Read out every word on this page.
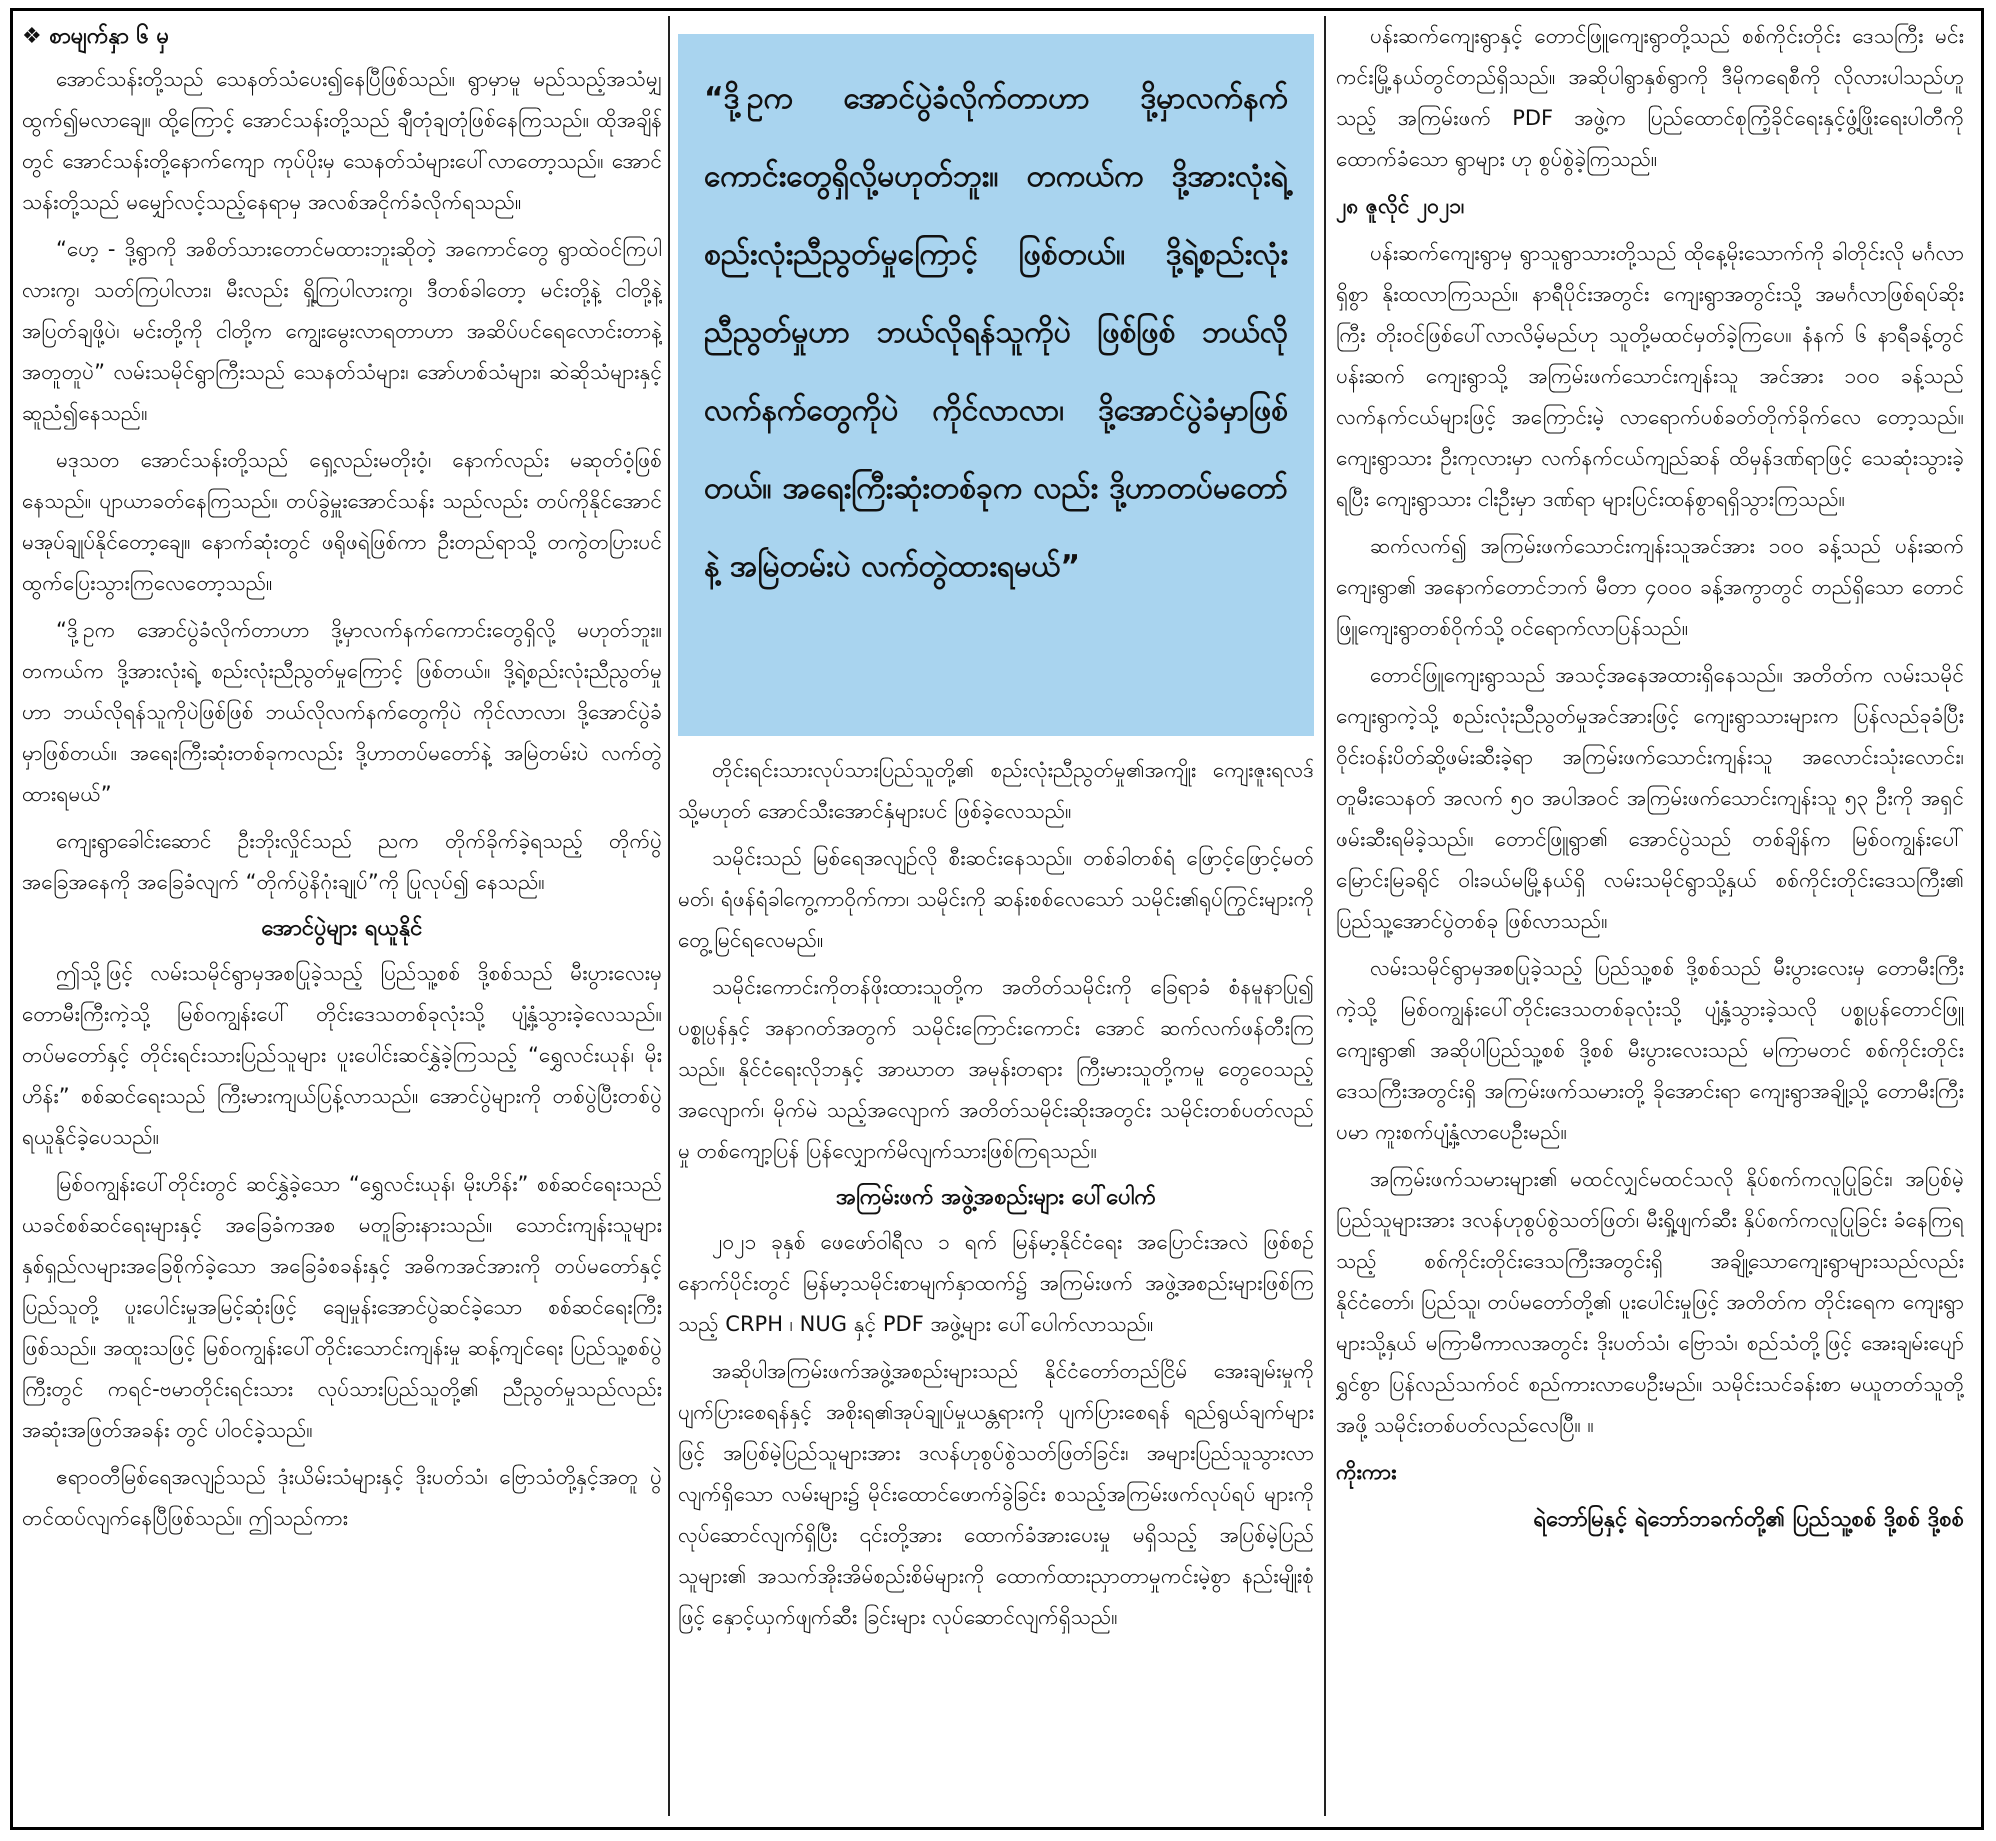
❖ စာမျက်နှာ ၆ မှ

အောင်သန်းတို့သည် သေနတ်သံပေး၍နေပြီဖြစ်သည်။ ရွာမှာမူ မည်သည့်အသံမျှ ထွက်၍မလာချေ။ ထို့ကြောင့် အောင်သန်းတို့သည် ချီတုံချတုံဖြစ်နေကြသည်။ ထိုအချိန်တွင် အောင်သန်းတို့နောက်ကျော ကုပ်ပိုးမှ သေနတ်သံများပေါ်လာတော့သည်။ အောင်သန်းတို့သည် မမျှော်လင့်သည့်နေရာမှ အလစ်အငိုက်ခံလိုက်ရသည်။

“ဟေ့ - ဒို့ရွာကို အစိတ်သားတောင်မထားဘူးဆိုတဲ့ အကောင်တွေ ရွာထဲဝင်ကြပါလားကွ၊ သတ်ကြပါလား၊ မီးလည်း ရှို့ကြပါလားကွ၊ ဒီတစ်ခါတော့ မင်းတို့နဲ့ ငါတို့နဲ့ အပြတ်ချဖို့ပဲ၊ မင်းတို့ကို ငါတို့က ကျွေးမွေးလာရတာဟာ အဆိပ်ပင်ရေလောင်းတာနဲ့ အတူတူပဲ” လမ်းသမိုင်ရွာကြီးသည် သေနတ်သံများ၊ အော်ဟစ်သံများ၊ ဆဲဆိုသံများနှင့် ဆူညံ၍နေသည်။

မဒုသတ အောင်သန်းတို့သည် ရှေ့လည်းမတိုးဝံ့၊ နောက်လည်း မဆုတ်ဝံ့ဖြစ်နေသည်။ ပျာယာခတ်နေကြသည်။ တပ်ခွဲမှူးအောင်သန်း သည်လည်း တပ်ကိုနိုင်အောင် မအုပ်ချုပ်နိုင်တော့ချေ။ နောက်ဆုံးတွင် ဖရိုဖရဲဖြစ်ကာ ဦးတည်ရာသို့ တကွဲတပြားပင် ထွက်ပြေးသွားကြလေတော့သည်။

“ဒို့ဥက အောင်ပွဲခံလိုက်တာဟာ ဒို့မှာလက်နက်ကောင်းတွေရှိလို့ မဟုတ်ဘူး။ တကယ်က ဒို့အားလုံးရဲ့ စည်းလုံးညီညွတ်မှုကြောင့် ဖြစ်တယ်။ ဒို့ရဲ့စည်းလုံးညီညွတ်မှုဟာ ဘယ်လိုရန်သူကိုပဲဖြစ်ဖြစ် ဘယ်လိုလက်နက်တွေကိုပဲ ကိုင်လာလာ၊ ဒို့အောင်ပွဲခံမှာဖြစ်တယ်။ အရေးကြီးဆုံးတစ်ခုကလည်း ဒို့ဟာတပ်မတော်နဲ့ အမြဲတမ်းပဲ လက်တွဲထားရမယ်”

ကျေးရွာခေါင်းဆောင် ဦးဘိုးလှိုင်သည် ညက တိုက်ခိုက်ခဲ့ရသည့် တိုက်ပွဲအခြေအနေကို အခြေခံလျက် “တိုက်ပွဲနိဂုံးချုပ်”ကို ပြုလုပ်၍ နေသည်။

အောင်ပွဲများ ရယူနိုင်

ဤသို့ဖြင့် လမ်းသမိုင်ရွာမှအစပြုခဲ့သည့် ပြည်သူ့စစ် ဒို့စစ်သည် မီးပွားလေးမှ တောမီးကြီးကဲ့သို့ မြစ်ဝကျွန်းပေါ် တိုင်းဒေသတစ်ခုလုံးသို့ ပျံ့နှံ့သွားခဲ့လေသည်။ တပ်မတော်နှင့် တိုင်းရင်းသားပြည်သူများ ပူးပေါင်းဆင်နွှဲခဲ့ကြသည့် “ရွှေလင်းယုန်၊ မိုးဟိန်း” စစ်ဆင်ရေးသည် ကြီးမားကျယ်ပြန့်လာသည်။ အောင်ပွဲများကို တစ်ပွဲပြီးတစ်ပွဲ ရယူနိုင်ခဲ့ပေသည်။

မြစ်ဝကျွန်းပေါ်တိုင်းတွင် ဆင်နွှဲခဲ့သော “ရွှေလင်းယုန်၊ မိုးဟိန်း” စစ်ဆင်ရေးသည် ယခင်စစ်ဆင်ရေးများနှင့် အခြေခံကအစ မတူခြားနားသည်။ သောင်းကျန်းသူများ နှစ်ရှည်လများအခြေစိုက်ခဲ့သော အခြေခံစခန်းနှင့် အဓိကအင်အားကို တပ်မတော်နှင့် ပြည်သူတို့ ပူးပေါင်းမှုအမြင့်ဆုံးဖြင့် ချေမှုန်းအောင်ပွဲဆင်ခဲ့သော စစ်ဆင်ရေးကြီး ဖြစ်သည်။ အထူးသဖြင့် မြစ်ဝကျွန်းပေါ်တိုင်းသောင်းကျန်းမှု ဆန့်ကျင်ရေး ပြည်သူ့စစ်ပွဲကြီးတွင် ကရင်-ဗမာတိုင်းရင်းသား လုပ်သားပြည်သူတို့၏ ညီညွတ်မှုသည်လည်း အဆုံးအဖြတ်အခန်း တွင် ပါဝင်ခဲ့သည်။

ဧရာဝတီမြစ်ရေအလျဉ်သည် ဒုံးယိမ်းသံများနှင့် ဒိုးပတ်သံ၊ ဗြောသံတို့နှင့်အတူ ပွဲတင်ထပ်လျက်နေပြီဖြစ်သည်။ ဤသည်ကား

“ဒို့ဥက အောင်ပွဲခံလိုက်တာဟာ ဒို့မှာလက်နက်ကောင်းတွေရှိလို့မဟုတ်ဘူး။ တကယ်က ဒို့အားလုံးရဲ့ စည်းလုံးညီညွတ်မှုကြောင့် ဖြစ်တယ်။ ဒို့ရဲ့စည်းလုံးညီညွတ်မှုဟာ ဘယ်လိုရန်သူကိုပဲ ဖြစ်ဖြစ် ဘယ်လိုလက်နက်တွေကိုပဲ ကိုင်လာလာ၊ ဒို့အောင်ပွဲခံမှာဖြစ်တယ်။ အရေးကြီးဆုံးတစ်ခုက လည်း ဒို့ဟာတပ်မတော်နဲ့ အမြဲတမ်းပဲ လက်တွဲထားရမယ်”

တိုင်းရင်းသားလုပ်သားပြည်သူတို့၏ စည်းလုံးညီညွတ်မှု၏အကျိုး ကျေးဇူးရလဒ် သို့မဟုတ် အောင်သီးအောင်နှံများပင် ဖြစ်ခဲ့လေသည်။

သမိုင်းသည် မြစ်ရေအလျဉ်လို စီးဆင်းနေသည်။ တစ်ခါတစ်ရံ ဖြောင့်ဖြောင့်မတ်မတ်၊ ရံဖန်ရံခါကွေ့ကာဝိုက်ကာ၊ သမိုင်းကို ဆန်းစစ်လေသော် သမိုင်း၏ရုပ်ကြွင်းများကို တွေ့မြင်ရလေမည်။

သမိုင်းကောင်းကိုတန်ဖိုးထားသူတို့က အတိတ်သမိုင်းကို ခြေရာခံ စံနမူနာပြု၍ ပစ္စုပ္ပန်နှင့် အနာဂတ်အတွက် သမိုင်းကြောင်းကောင်း အောင် ဆက်လက်ဖန်တီးကြသည်။ နိုင်ငံရေးလိုဘနှင့် အာဃာတ အမုန်းတရား ကြီးမားသူတို့ကမူ တွေဝေသည့်အလျောက်၊ မိုက်မဲ သည့်အလျောက် အတိတ်သမိုင်းဆိုးအတွင်း သမိုင်းတစ်ပတ်လည်မှု တစ်ကျော့ပြန် ပြန်လျှောက်မိလျက်သားဖြစ်ကြရသည်။

အကြမ်းဖက် အဖွဲ့အစည်းများ ပေါ်ပေါက်

၂၀၂၁ ခုနှစ် ဖေဖော်ဝါရီလ ၁ ရက် မြန်မာ့နိုင်ငံရေး အပြောင်းအလဲ ဖြစ်စဉ်နောက်ပိုင်းတွင် မြန်မာ့သမိုင်းစာမျက်နှာထက်၌ အကြမ်းဖက် အဖွဲ့အစည်းများဖြစ်ကြသည့် CRPH ၊ NUG နှင့် PDF အဖွဲ့များ ပေါ်ပေါက်လာသည်။

အဆိုပါအကြမ်းဖက်အဖွဲ့အစည်းများသည် နိုင်ငံတော်တည်ငြိမ် အေးချမ်းမှုကို ပျက်ပြားစေရန်နှင့် အစိုးရ၏အုပ်ချုပ်မှုယန္တရားကို ပျက်ပြားစေရန် ရည်ရွယ်ချက်များဖြင့် အပြစ်မဲ့ပြည်သူများအား ဒလန်ဟုစွပ်စွဲသတ်ဖြတ်ခြင်း၊ အများပြည်သူသွားလာလျက်ရှိသော လမ်းများ၌ မိုင်းထောင်ဖောက်ခွဲခြင်း စသည့်အကြမ်းဖက်လုပ်ရပ် များကို လုပ်ဆောင်လျက်ရှိပြီး ၎င်းတို့အား ထောက်ခံအားပေးမှု မရှိသည့် အပြစ်မဲ့ပြည်သူများ၏ အသက်အိုးအိမ်စည်းစိမ်များကို ထောက်ထားညှာတာမှုကင်းမဲ့စွာ နည်းမျိုးစုံဖြင့် နှောင့်ယှက်ဖျက်ဆီး ခြင်းများ လုပ်ဆောင်လျက်ရှိသည်။

ပန်းဆက်ကျေးရွာနှင့် တောင်ဖြူကျေးရွာတို့သည် စစ်ကိုင်းတိုင်း ဒေသကြီး မင်းကင်းမြို့နယ်တွင်တည်ရှိသည်။ အဆိုပါရွာနှစ်ရွာကို ဒီမိုကရေစီကို လိုလားပါသည်ဟူသည့် အကြမ်းဖက် PDF အဖွဲ့က ပြည်ထောင်စုကြံ့ခိုင်ရေးနှင့်ဖွံ့ဖြိုးရေးပါတီကို ထောက်ခံသော ရွာများ ဟု စွပ်စွဲခဲ့ကြသည်။

၂၈ ဇူလိုင် ၂၀၂၁၊

ပန်းဆက်ကျေးရွာမှ ရွာသူရွာသားတို့သည် ထိုနေ့မိုးသောက်ကို ခါတိုင်းလို မင်္ဂလာရှိစွာ နိုးထလာကြသည်။ နာရီပိုင်းအတွင်း ကျေးရွာအတွင်းသို့ အမင်္ဂလာဖြစ်ရပ်ဆိုးကြီး တိုးဝင်ဖြစ်ပေါ်လာလိမ့်မည်ဟု သူတို့မထင်မှတ်ခဲ့ကြပေ။ နံနက် ၆ နာရီခန့်တွင် ပန်းဆက် ကျေးရွာသို့ အကြမ်းဖက်သောင်းကျန်းသူ အင်အား ၁၀၀ ခန့်သည် လက်နက်ငယ်များဖြင့် အကြောင်းမဲ့ လာရောက်ပစ်ခတ်တိုက်ခိုက်လေ တော့သည်။ ကျေးရွာသား ဦးကုလားမှာ လက်နက်ငယ်ကျည်ဆန် ထိမှန်ဒဏ်ရာဖြင့် သေဆုံးသွားခဲ့ရပြီး ကျေးရွာသား ငါးဦးမှာ ဒဏ်ရာ များပြင်းထန်စွာရရှိသွားကြသည်။

ဆက်လက်၍ အကြမ်းဖက်သောင်းကျန်းသူအင်အား ၁၀၀ ခန့်သည် ပန်းဆက်ကျေးရွာ၏ အနောက်တောင်ဘက် မီတာ ၄၀၀၀ ခန့်အကွာတွင် တည်ရှိသော တောင်ဖြူကျေးရွာတစ်ဝိုက်သို့ ဝင်ရောက်လာပြန်သည်။

တောင်ဖြူကျေးရွာသည် အသင့်အနေအထားရှိနေသည်။ အတိတ်က လမ်းသမိုင်ကျေးရွာကဲ့သို့ စည်းလုံးညီညွတ်မှုအင်အားဖြင့် ကျေးရွာသားများက ပြန်လည်ခုခံပြီး ဝိုင်းဝန်းပိတ်ဆို့ဖမ်းဆီးခဲ့ရာ အကြမ်းဖက်သောင်းကျန်းသူ အလောင်းသုံးလောင်း၊ တူမီးသေနတ် အလက် ၅၀ အပါအဝင် အကြမ်းဖက်သောင်းကျန်းသူ ၅၃ ဦးကို အရှင် ဖမ်းဆီးရမိခဲ့သည်။ တောင်ဖြူရွာ၏ အောင်ပွဲသည် တစ်ချိန်က မြစ်ဝကျွန်းပေါ် မြောင်းမြခရိုင် ဝါးခယ်မမြို့နယ်ရှိ လမ်းသမိုင်ရွာသို့နှယ် စစ်ကိုင်းတိုင်းဒေသကြီး၏ ပြည်သူ့အောင်ပွဲတစ်ခု ဖြစ်လာသည်။

လမ်းသမိုင်ရွာမှအစပြုခဲ့သည့် ပြည်သူ့စစ် ဒို့စစ်သည် မီးပွားလေးမှ တောမီးကြီးကဲ့သို့ မြစ်ဝကျွန်းပေါ်တိုင်းဒေသတစ်ခုလုံးသို့ ပျံ့နှံ့သွားခဲ့သလို ပစ္စုပ္ပန်တောင်ဖြူကျေးရွာ၏ အဆိုပါပြည်သူ့စစ် ဒို့စစ် မီးပွားလေးသည် မကြာမတင် စစ်ကိုင်းတိုင်းဒေသကြီးအတွင်းရှိ အကြမ်းဖက်သမားတို့ ခိုအောင်းရာ ကျေးရွာအချို့သို့ တောမီးကြီးပမာ ကူးစက်ပျံ့နှံ့လာပေဦးမည်။

အကြမ်းဖက်သမားများ၏ မထင်လျှင်မထင်သလို နိုပ်စက်ကလူပြုခြင်း၊ အပြစ်မဲ့ပြည်သူများအား ဒလန်ဟုစွပ်စွဲသတ်ဖြတ်၊ မီးရှို့ဖျက်ဆီး နှိပ်စက်ကလူပြုခြင်း ခံနေကြရသည့် စစ်ကိုင်းတိုင်းဒေသကြီးအတွင်းရှိ အချို့သောကျေးရွာများသည်လည်း နိုင်ငံတော်၊ ပြည်သူ၊ တပ်မတော်တို့၏ ပူးပေါင်းမှုဖြင့် အတိတ်က တိုင်းရေက ကျေးရွာ များသို့နှယ် မကြာမီကာလအတွင်း ဒိုးပတ်သံ၊ ဗြောသံ၊ စည်သံတို့ဖြင့် အေးချမ်းပျော်ရွှင်စွာ ပြန်လည်သက်ဝင် စည်ကားလာပေဦးမည်။ သမိုင်းသင်ခန်းစာ မယူတတ်သူတို့အဖို့ သမိုင်းတစ်ပတ်လည်လေပြီ။ ။

ကိုးကား

ရဲဘော်မြနှင့် ရဲဘော်ဘခက်တို့၏ ပြည်သူ့စစ် ဒို့စစ် ဒို့စစ်
